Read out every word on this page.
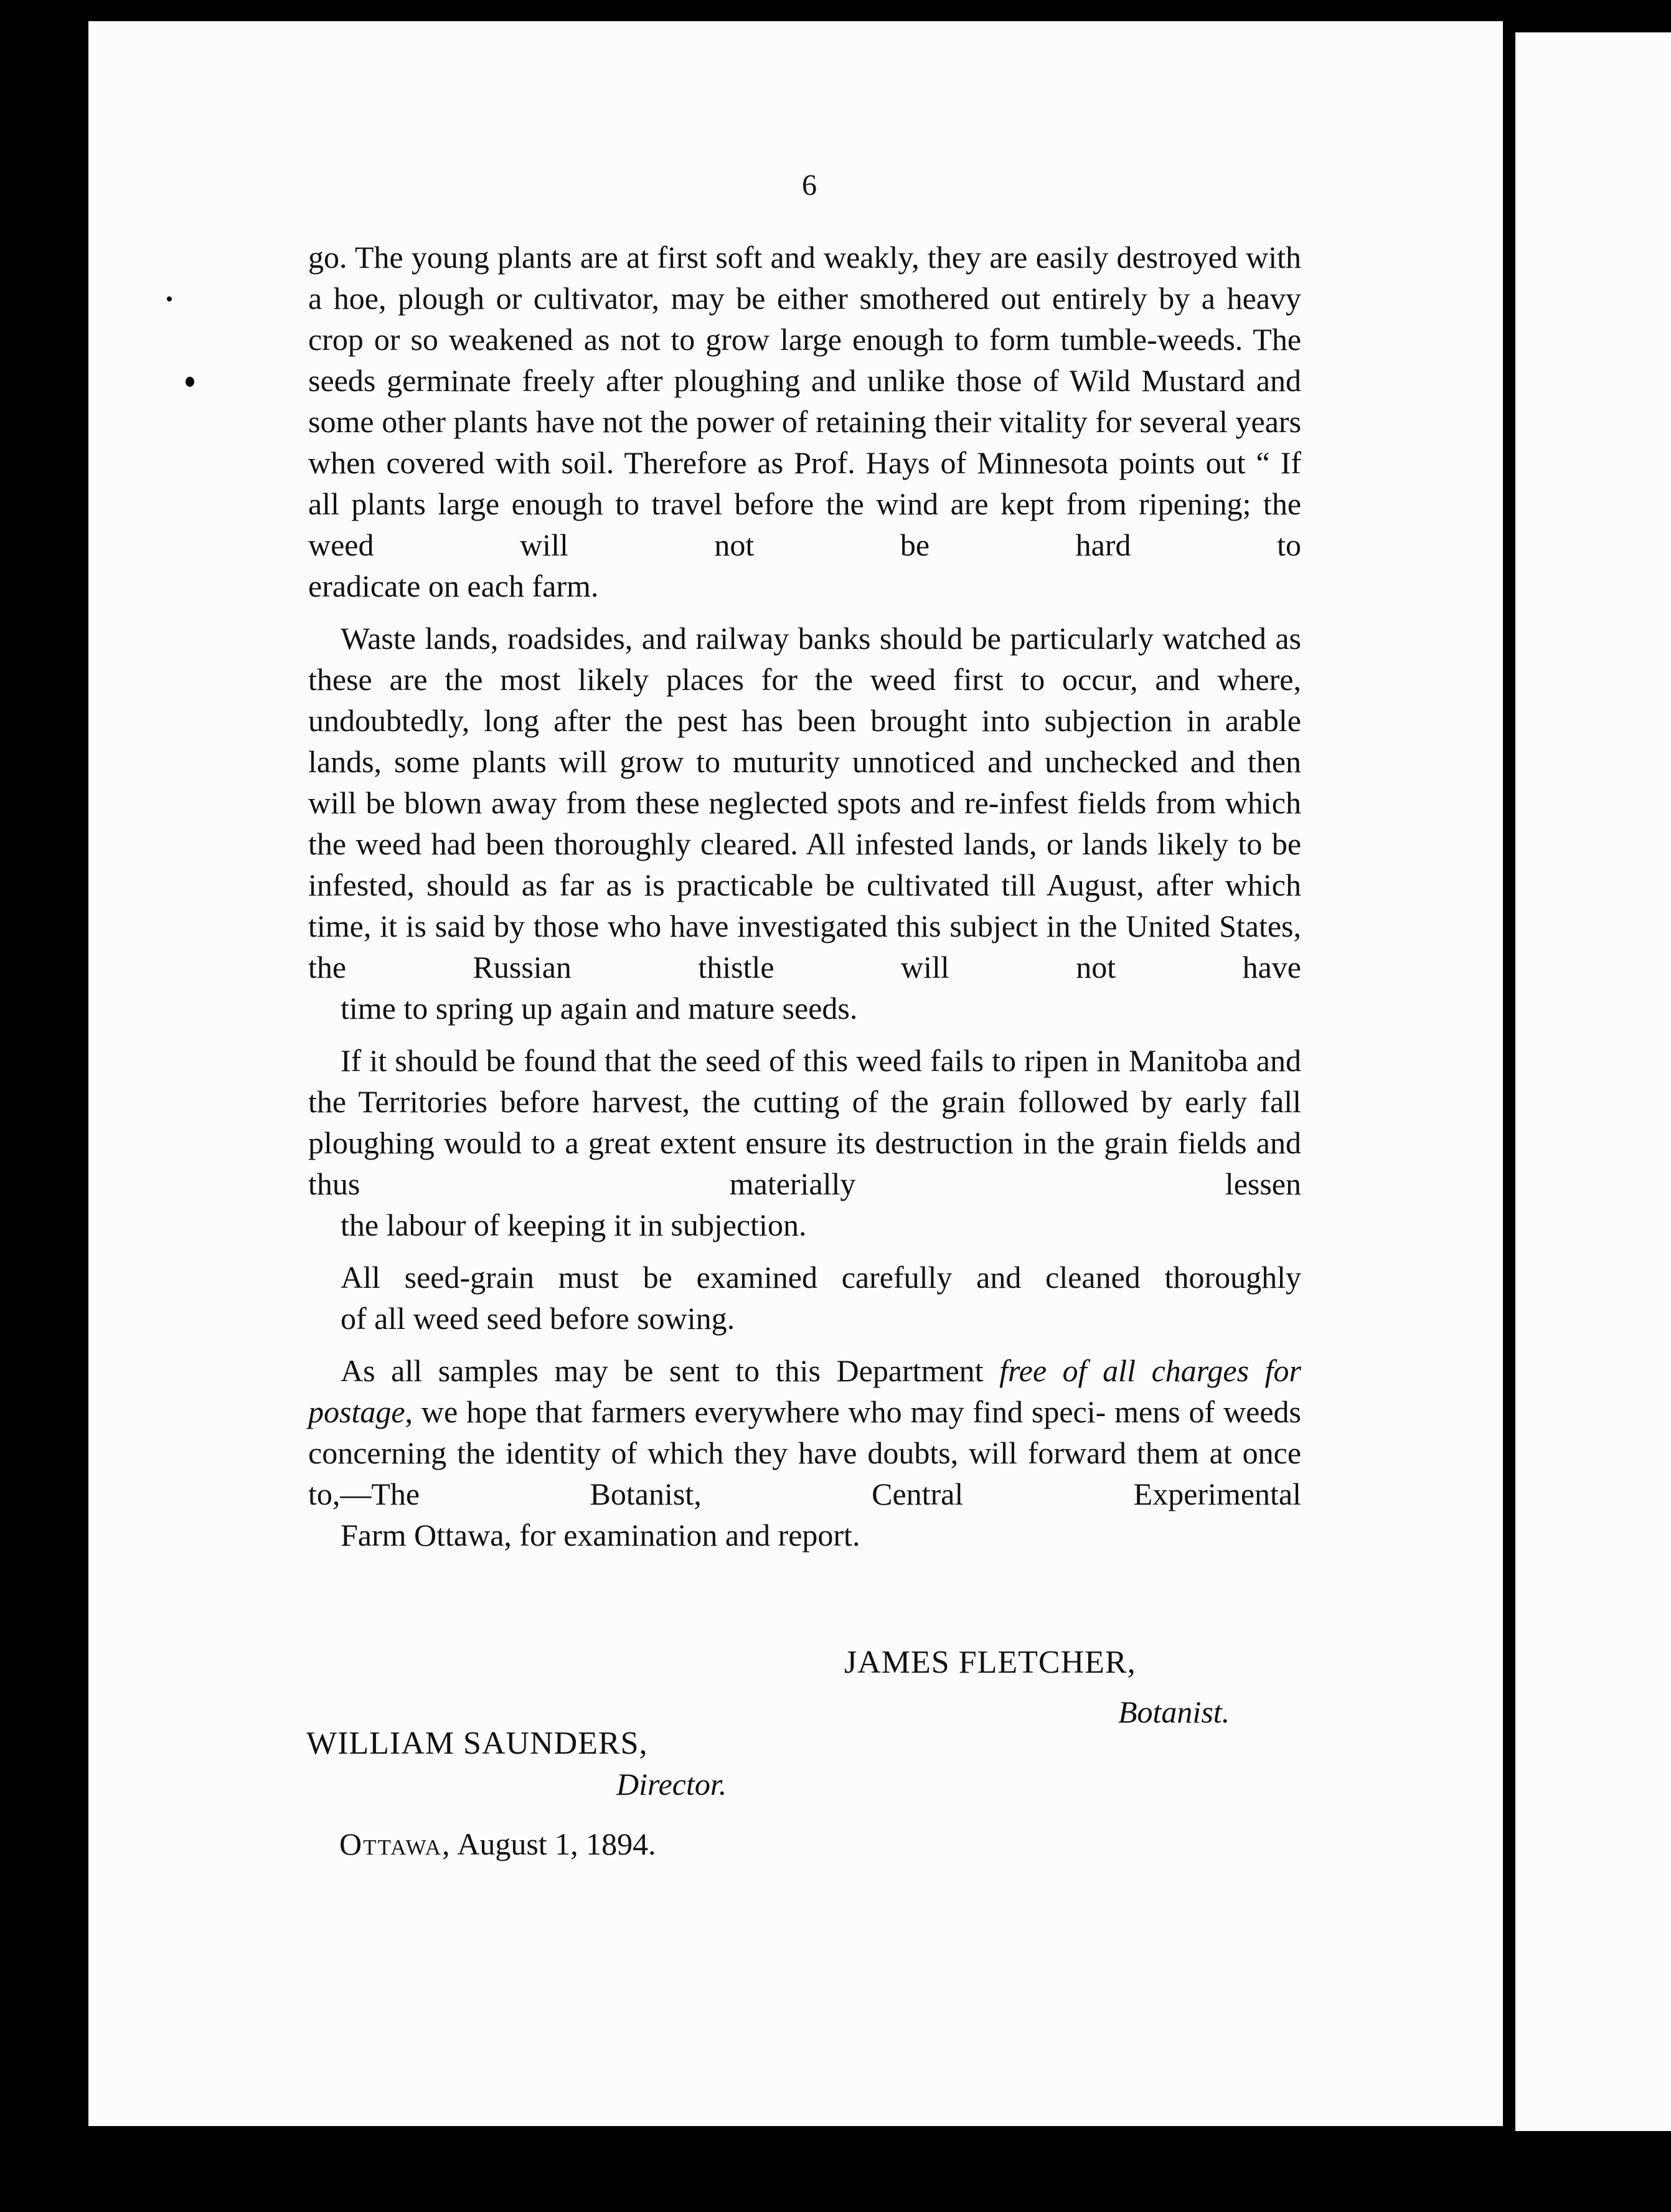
6

go. The young plants are at first soft and weakly, they are easily destroyed with a hoe, plough or cultivator, may be either smothered out entirely by a heavy crop or so weakened as not to grow large enough to form tumble-weeds. The seeds germinate freely after ploughing and unlike those of Wild Mustard and some other plants have not the power of retaining their vitality for several years when covered with soil. Therefore as Prof. Hays of Minnesota points out “ If all plants large enough to travel before the wind are kept from ripening; the weed will not be hard to
eradicate on each farm.

Waste lands, roadsides, and railway banks should be particularly watched as these are the most likely places for the weed first to occur, and where, undoubtedly, long after the pest has been brought into subjection in arable lands, some plants will grow to muturity unnoticed and unchecked and then will be blown away from these neglected spots and re-infest fields from which the weed had been thoroughly cleared. All infested lands, or lands likely to be infested, should as far as is practicable be cultivated till August, after which time, it is said by those who have investigated this subject in the United States, the Russian thistle will not have
time to spring up again and mature seeds.

If it should be found that the seed of this weed fails to ripen in Manitoba and the Territories before harvest, the cutting of the grain followed by early fall ploughing would to a great extent ensure its destruction in the grain fields and thus materially lessen
the labour of keeping it in subjection.

All seed-grain must be examined carefully and cleaned thoroughly
of all weed seed before sowing.

As all samples may be sent to this Department free of all charges for postage, we hope that farmers everywhere who may find speci- mens of weeds concerning the identity of which they have doubts, will forward them at once to,—The Botanist, Central Experimental
Farm Ottawa, for examination and report.

JAMES FLETCHER,
Botanist.
WILLIAM SAUNDERS,
Director.
Ottawa, August 1, 1894.
